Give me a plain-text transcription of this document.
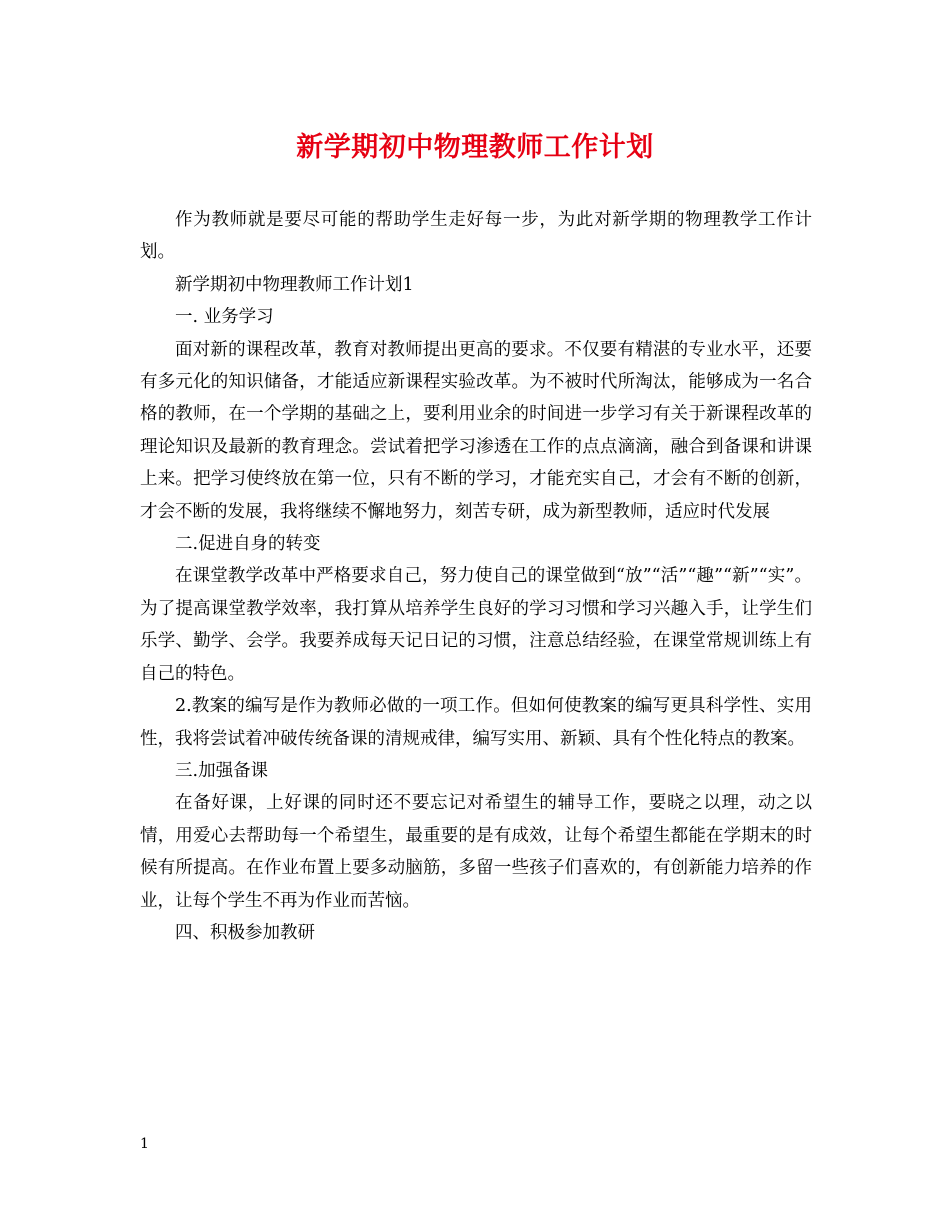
新学期初中物理教师工作计划

作为教师就是要尽可能的帮助学生走好每一步，为此对新学期的物理教学工作计划。

新学期初中物理教师工作计划1

一. 业务学习

面对新的课程改革，教育对教师提出更高的要求。不仅要有精湛的专业水平，还要有多元化的知识储备，才能适应新课程实验改革。为不被时代所淘汰，能够成为一名合格的教师，在一个学期的基础之上，要利用业余的时间进一步学习有关于新课程改革的理论知识及最新的教育理念。尝试着把学习渗透在工作的点点滴滴，融合到备课和讲课上来。把学习使终放在第一位，只有不断的学习，才能充实自己，才会有不断的创新，才会不断的发展，我将继续不懈地努力，刻苦专研，成为新型教师，适应时代发展

二.促进自身的转变

在课堂教学改革中严格要求自己，努力使自己的课堂做到“放”“活”“趣”“新”“实”。为了提高课堂教学效率，我打算从培养学生良好的学习习惯和学习兴趣入手，让学生们乐学、勤学、会学。我要养成每天记日记的习惯，注意总结经验，在课堂常规训练上有自己的特色。

2.教案的编写是作为教师必做的一项工作。但如何使教案的编写更具科学性、实用性，我将尝试着冲破传统备课的清规戒律，编写实用、新颖、具有个性化特点的教案。

三.加强备课

在备好课，上好课的同时还不要忘记对希望生的辅导工作，要晓之以理，动之以情，用爱心去帮助每一个希望生，最重要的是有成效，让每个希望生都能在学期末的时候有所提高。在作业布置上要多动脑筋，多留一些孩子们喜欢的，有创新能力培养的作业，让每个学生不再为作业而苦恼。

四、积极参加教研

1
